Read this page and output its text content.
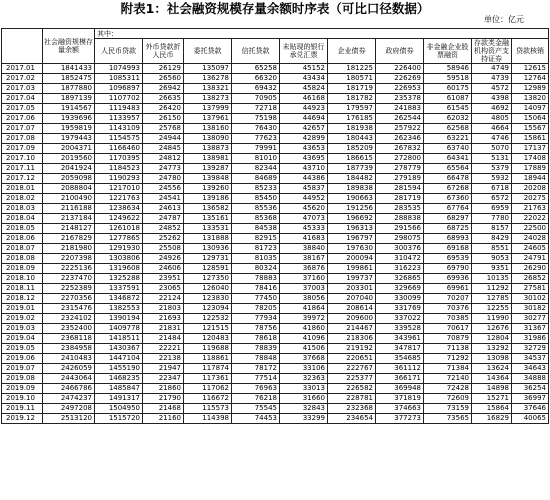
附表1：社会融资规模存量余额时序表（可比口径数据）
单位：亿元
	社会融资规模存量余额	其中：									
		人民币贷款	外币贷款折人民币	委托贷款	信托贷款	未贴现的银行承兑汇票	企业债券	政府债券	非金融企业股票融资	存款类金融机构资产支持证券	贷款核销
2017.01	1841433	1074993	26129	135097	65258	45152	181225	226400	58946	4749	12615
2017.02	1852475	1085311	26560	136278	66320	43434	180571	226269	59518	4739	12764
2017.03	1877880	1096897	26942	138321	69432	45824	181719	226953	60175	4572	12989
2017.04	1897139	1107702	26635	138273	70905	46168	181782	235378	61087	4398	13820
2017.05	1914567	1119483	26420	137999	72718	44923	179597	241883	61545	4692	14097
2017.06	1939696	1133957	26150	137961	75198	44694	176185	262544	62032	4805	15064
2017.07	1959819	1143109	25768	138160	76430	42657	181938	257922	62568	4664	15567
2017.08	1979443	1154575	24944	138090	77623	42899	180443	262346	63221	4746	15861
2017.09	2004371	1166460	24845	138873	79991	43653	185209	267832	63740	5070	17137
2017.10	2019560	1170395	24812	138981	81010	43695	186615	272800	64341	5131	17408
2017.11	2041924	1184523	24773	139287	82344	43710	187739	278779	65564	5379	17889
2017.12	2059098	1190293	24780	139848	84689	44386	184482	279189	66478	5932	18944
2018.01	2088804	1217010	24556	139260	85233	45837	189838	281594	67268	6718	20208
2018.02	2100490	1221763	24541	139186	85450	44952	190663	281719	67360	6572	20275
2018.03	2116188	1238634	24613	136582	85536	45620	191256	283535	67764	6959	21763
2018.04	2137184	1249622	24787	135161	85368	47073	196692	288838	68297	7780	22022
2018.05	2148127	1261018	24852	133531	84538	45333	196313	291566	68725	8157	22500
2018.06	2167829	1277865	25262	131888	82915	41683	196797	298075	68993	8429	24028
2018.07	2181980	1291930	25508	130936	81723	38840	197630	300376	69168	8551	24605
2018.08	2207398	1303806	24926	129731	81035	38167	200094	310472	69539	9053	24791
2018.09	2225136	1319608	24606	128591	80324	36876	199861	316223	69790	9351	26290
2018.10	2237470	1325288	23951	127350	78883	37160	199737	326865	69936	10135	26852
2018.11	2252389	1337591	23065	126040	78416	37003	203301	329669	69961	11292	27581
2018.12	2270356	1346872	22124	123830	77450	38056	207040	330099	70207	12785	30102
2019.01	2315476	1382553	21803	123094	78205	41864	208614	331769	70376	12255	30182
2019.02	2324102	1390194	21693	122532	77934	39972	209600	337022	70385	11990	30277
2019.03	2352400	1409778	21831	121515	78756	41860	214467	339528	70617	12676	31367
2019.04	2368118	1418511	21484	120483	78618	41096	218306	343961	70879	12804	31986
2019.05	2384958	1430367	22221	119688	78839	41506	219192	347817	71138	13292	32729
2019.06	2410483	1447104	22138	118861	78848	37668	220651	354685	71292	13098	34537
2019.07	2426059	1455190	21947	117874	78172	33106	222767	361112	71384	13624	34643
2019.08	2443064	1468235	22347	117361	77514	32363	225377	366171	72140	14364	34888
2019.09	2466786	1485847	21860	117062	76963	33013	226582	369948	72428	14898	36254
2019.10	2474237	1491317	21790	116672	76218	31660	228781	371819	72609	15271	36997
2019.11	2497208	1504950	21468	115573	75545	32843	232368	374663	73159	15864	37646
2019.12	2513120	1515720	21160	114398	74453	33299	234654	377273	73565	16829	40065
